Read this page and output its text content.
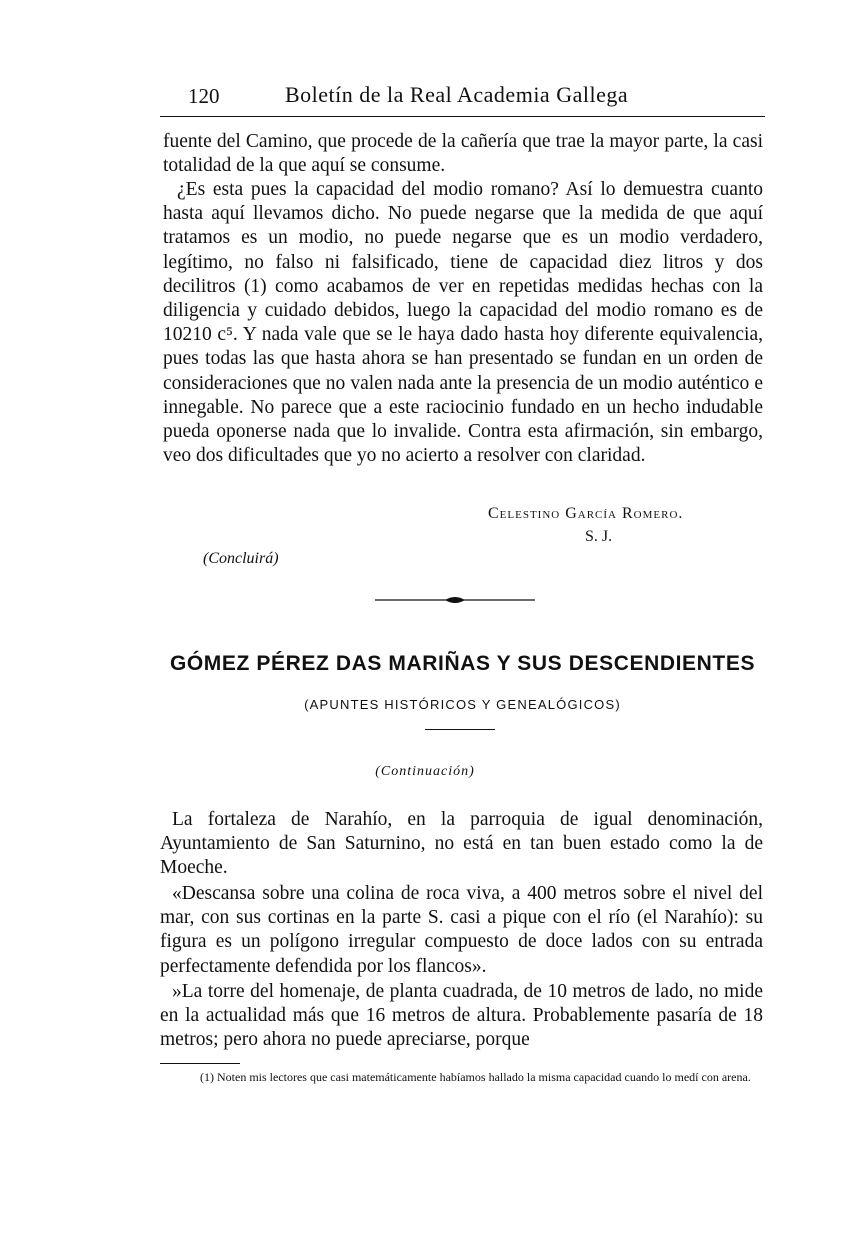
120	Boletín de la Real Academia Gallega

fuente del Camino, que procede de la cañería que trae la mayor parte, la casi totalidad de la que aquí se consume.

¿Es esta pues la capacidad del modio romano? Así lo demuestra cuanto hasta aquí llevamos dicho. No puede negarse que la medida de que aquí tratamos es un modio, no puede negarse que es un modio verdadero, legítimo, no falso ni falsificado, tiene de capacidad diez litros y dos decilitros (1) como acabamos de ver en repetidas medidas hechas con la diligencia y cuidado debidos, luego la capacidad del modio romano es de 10210 c⁵. Y nada vale que se le haya dado hasta hoy diferente equivalencia, pues todas las que hasta ahora se han presentado se fundan en un orden de consideraciones que no valen nada ante la presencia de un modio auténtico e innegable. No parece que a este raciocinio fundado en un hecho indudable pueda oponerse nada que lo invalide. Contra esta afirmación, sin embargo, veo dos dificultades que yo no acierto a resolver con claridad.

Celestino García Romero.
S. J.
(Concluirá)
GÓMEZ PÉREZ DAS MARIÑAS Y SUS DESCENDIENTES
(APUNTES HISTÓRICOS Y GENEALÓGICOS)
(Continuación)

La fortaleza de Narahío, en la parroquia de igual denominación, Ayuntamiento de San Saturnino, no está en tan buen estado como la de Moeche.

«Descansa sobre una colina de roca viva, a 400 metros sobre el nivel del mar, con sus cortinas en la parte S. casi a pique con el río (el Narahío): su figura es un polígono irregular compuesto de doce lados con su entrada perfectamente defendida por los flancos».

»La torre del homenaje, de planta cuadrada, de 10 metros de lado, no mide en la actualidad más que 16 metros de altura. Probablemente pasaría de 18 metros; pero ahora no puede apreciarse, porque

(1) Noten mis lectores que casi matemáticamente habíamos hallado la misma capacidad cuando lo medí con arena.
